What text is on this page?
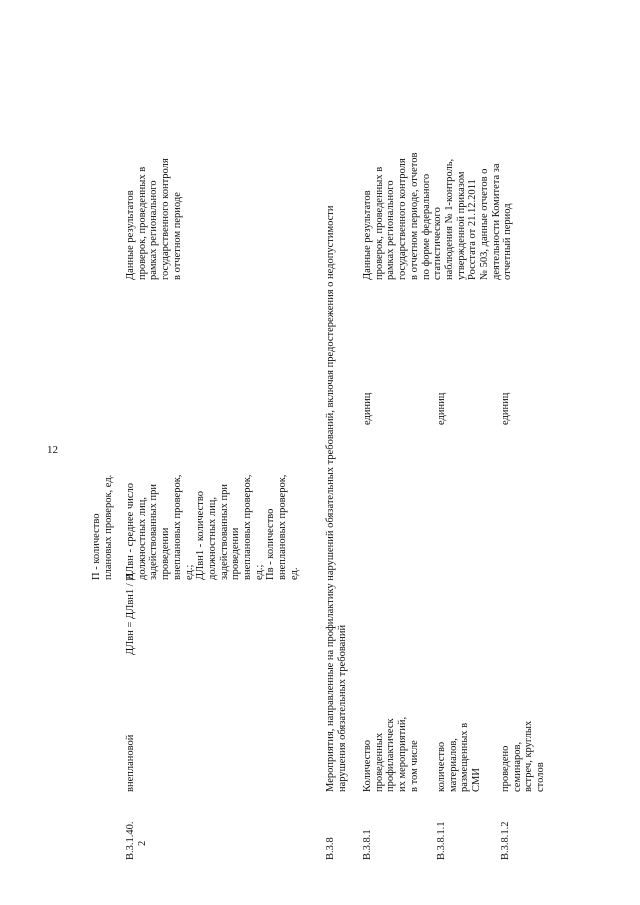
12
П - количество плановых проверок, ед.
В.3.1.40. 2
внеплановой
ДЛвн = ДЛвн1 / В
ДЛвн - среднее число должностных лиц, задействованных при проведении внеплановых проверок, ед.; ДЛвн1 - количество должностных лиц, задействованных при проведении внеплановых проверок, ед.; Пв - количество внеплановых проверок, ед.
Данные результатов проверок, проведенных в рамках регионального государственного контроля в отчетном периоде
В.3.8
Мероприятия, направленные на профилактику нарушений обязательных требований, включая предостережения о недопустимости нарушения обязательных требований
В.3.8.1
Количество проведенных профилактическ их мероприятий, в том числе
единиц
Данные результатов проверок, проведенных в рамках регионального государственного контроля в отчетном периоде, отчетов по форме федерального статистического наблюдения № 1-контроль, утвержденной приказом Росстата от 21.12.2011 № 503, данные отчетов о деятельности Комитета за отчетный период
В.3.8.1.1
количество материалов, размещенных в СМИ
единиц
В.3.8.1.2
проведено семинаров, встреч, круглых столов
единиц
